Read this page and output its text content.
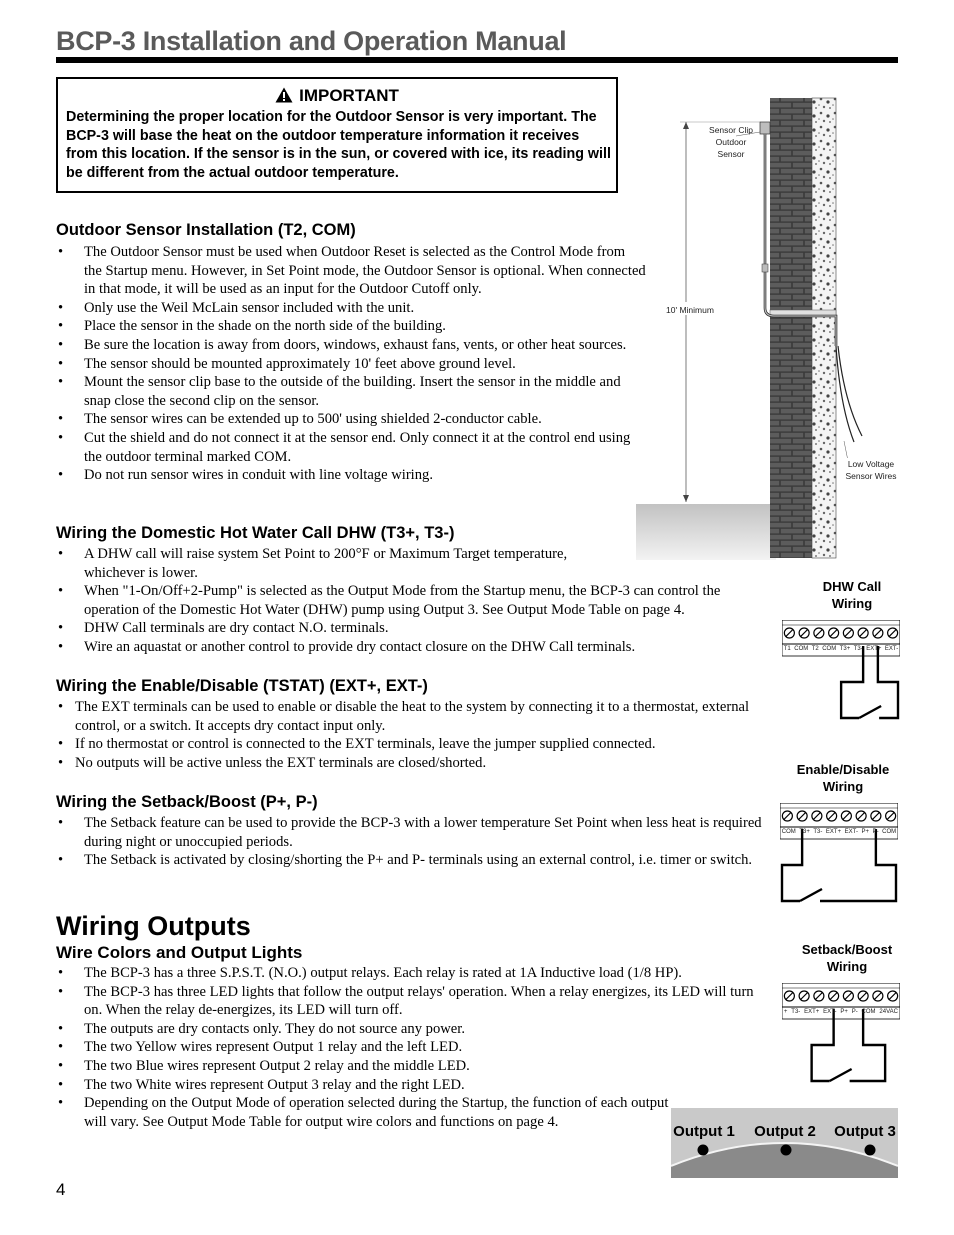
BCP-3 Installation and Operation Manual
IMPORTANT
Determining the proper location for the Outdoor Sensor is very important. The BCP-3 will base the heat on the outdoor temperature information it receives from this location. If the sensor is in the sun, or covered with ice, its reading will be different from the actual outdoor temperature.
Outdoor Sensor Installation (T2, COM)
• The Outdoor Sensor must be used when Outdoor Reset is selected as the Control Mode from the Startup menu. However, in Set Point mode, the Outdoor Sensor is optional. When connected in that mode, it will be used as an input for the Outdoor Cutoff only.
• Only use the Weil McLain sensor included with the unit.
• Place the sensor in the shade on the north side of the building.
• Be sure the location is away from doors, windows, exhaust fans, vents, or other heat sources.
• The sensor should be mounted approximately 10' feet above ground level.
• Mount the sensor clip base to the outside of the building. Insert the sensor in the middle and snap close the second clip on the sensor.
• The sensor wires can be extended up to 500' using shielded 2-conductor cable.
• Cut the shield and do not connect it at the sensor end. Only connect it at the control end using the outdoor terminal marked COM.
• Do not run sensor wires in conduit with line voltage wiring.
Sensor Clip
Outdoor Sensor
10' Minimum
Low Voltage
Sensor Wires
Wiring the Domestic Hot Water Call DHW (T3+, T3-)
• A DHW call will raise system Set Point to 200°F or Maximum Target temperature, whichever is lower.
• When "1-On/Off+2-Pump" is selected as the Output Mode from the Startup menu, the BCP-3 can control the operation of the Domestic Hot Water (DHW) pump using Output 3. See Output Mode Table on page 4.
• DHW Call terminals are dry contact N.O. terminals.
• Wire an aquastat or another control to provide dry contact closure on the DHW Call terminals.
Wiring the Enable/Disable (TSTAT) (EXT+, EXT-)
• The EXT terminals can be used to enable or disable the heat to the system by connecting it to a thermostat, external control, or a switch. It accepts dry contact input only.
• If no thermostat or control is connected to the EXT terminals, leave the jumper supplied connected.
• No outputs will be active unless the EXT terminals are closed/shorted.
Wiring the Setback/Boost (P+, P-)
• The Setback feature can be used to provide the BCP-3 with a lower temperature Set Point when less heat is required during night or unoccupied periods.
• The Setback is activated by closing/shorting the P+ and P- terminals using an external control, i.e. timer or switch.
Wiring Outputs
Wire Colors and Output Lights
• The BCP-3 has a three S.P.S.T. (N.O.) output relays. Each relay is rated at 1A Inductive load (1/8 HP).
• The BCP-3 has three LED lights that follow the output relays' operation. When a relay energizes, its LED will turn on. When the relay de-energizes, its LED will turn off.
• The outputs are dry contacts only. They do not source any power.
• The two Yellow wires represent Output 1 relay and the left LED.
• The two Blue wires represent Output 2 relay and the middle LED.
• The two White wires represent Output 3 relay and the right LED.
• Depending on the Output Mode of operation selected during the Startup, the function of each output will vary. See Output Mode Table for output wire colors and functions on page 4.
DHW Call
Wiring
T1 COM T2 COM T3+ T3- EXT+ EXT-
Enable/Disable
Wiring
COM T3+ T3- EXT+ EXT- P+ P- COM
Setback/Boost
Wiring
+ T3- EXT+ EXT- P+ P- COM 24VAC
Output 1 Output 2 Output 3
4
